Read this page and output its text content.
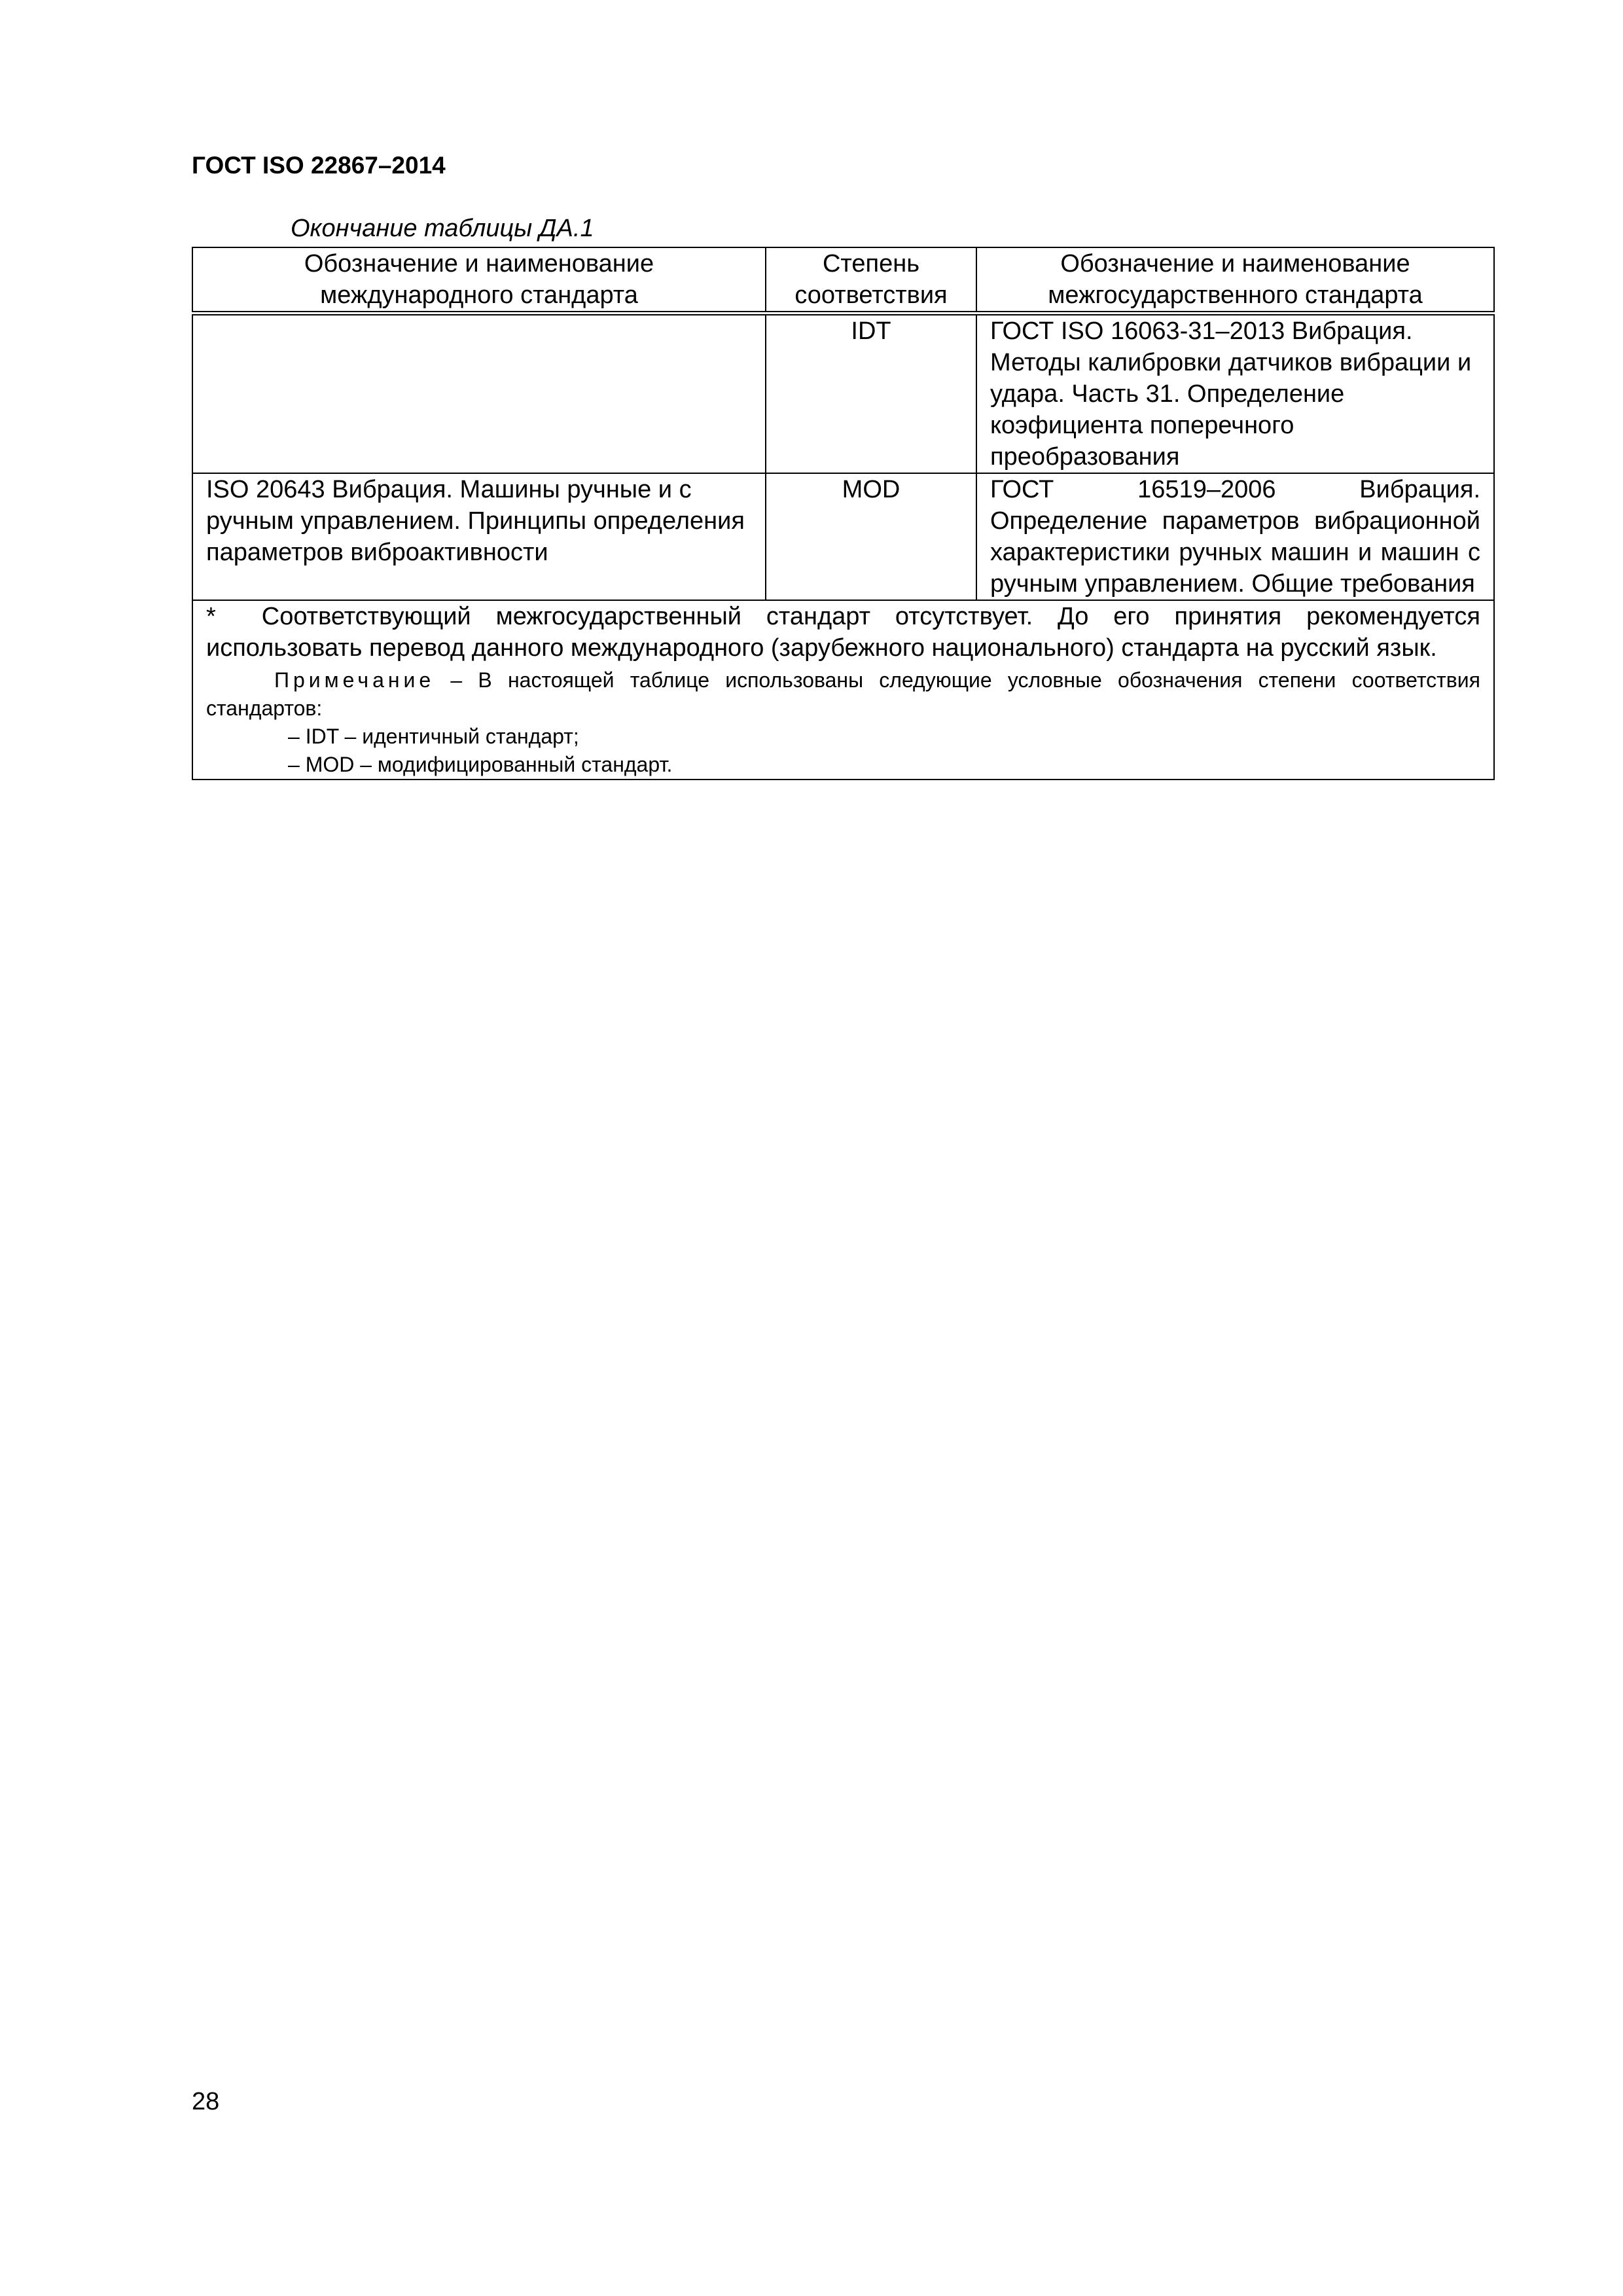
ГОСТ ISO 22867–2014
Окончание таблицы ДА.1
Обозначение и наименование международного стандарта	Степень соответствия	Обозначение и наименование межгосударственного стандарта
	IDT	ГОСТ ISO 16063-31–2013 Вибрация. Методы калибровки датчиков вибрации и удара. Часть 31. Определение коэфициента поперечного преобразования
ISO 20643 Вибрация. Машины ручные и с ручным управлением. Принципы определения параметров виброактивности	MOD	ГОСТ 16519–2006 Вибрация. Определение параметров вибрационной характеристики ручных машин и машин с ручным управлением. Общие требования

* Соответствующий межгосударственный стандарт отсутствует. До его принятия рекомендуется использовать перевод данного международного (зарубежного национального) стандарта на русский язык.
Примечание – В настоящей таблице использованы следующие условные обозначения степени соответствия стандартов:
– IDT – идентичный стандарт;
– MOD – модифицированный стандарт.		
28
